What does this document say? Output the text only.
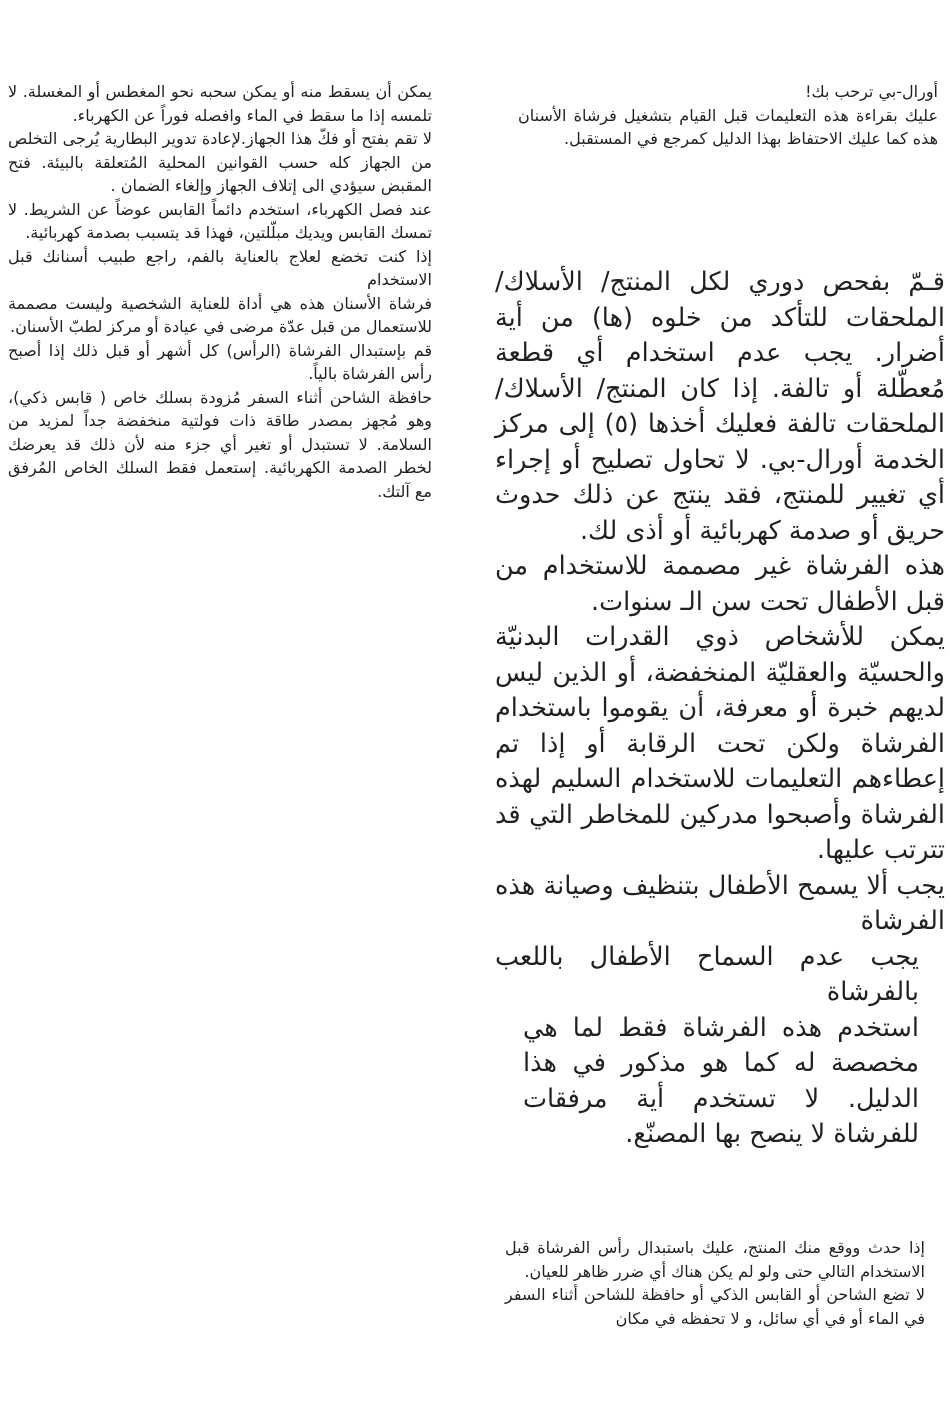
أورال-بي ترحب بك!

عليك بقراءة هذه التعليمات قبل القيام بتشغيل فرشاة الأسنان هذه كما عليك الاحتفاظ بهذا الدليل كمرجع في المستقبل.

قـمّ بفحص دوري لكل المنتج/ الأسلاك/ الملحقات للتأكد من خلوه (ها) من أية أضرار. يجب عدم استخدام أي قطعة مُعطّلة أو تالفة. إذا كان المنتج/ الأسلاك/ الملحقات تالفة فعليك أخذها (٥) إلى مركز الخدمة أورال-بي. لا تحاول تصليح أو إجراء أي تغيير للمنتج، فقد ينتج عن ذلك حدوث حريق أو صدمة كهربائية أو أذى لك.

هذه الفرشاة غير مصممة للاستخدام من قبل الأطفال تحت سن الـ سنوات.

يمكن للأشخاص ذوي القدرات البدنيّة والحسيّة والعقليّة المنخفضة، أو الذين ليس لديهم خبرة أو معرفة، أن يقوموا باستخدام الفرشاة ولكن تحت الرقابة أو إذا تم إعطاءهم التعليمات للاستخدام السليم لهذه الفرشاة وأصبحوا مدركين للمخاطر التي قد تترتب عليها.

يجب ألا يسمح الأطفال بتنظيف وصيانة هذه الفرشاة

يجب عدم السماح الأطفال باللعب بالفرشاة

استخدم هذه الفرشاة فقط لما هي مخصصة له كما هو مذكور في هذا الدليل. لا تستخدم أية مرفقات للفرشاة لا ينصح بها المصنّع.

إذا حدث ووقع منك المنتج، عليك باستبدال رأس الفرشاة قبل الاستخدام التالي حتى ولو لم يكن هناك أي ضرر ظاهر للعيان.

لا تضع الشاحن أو القابس الذكي أو حافظة للشاحن أثناء السفر في الماء أو في أي سائل، و لا تحفظه في مكان

يمكن أن يسقط منه أو يمكن سحبه نحو المغطس أو المغسلة. لا تلمسه إذا ما سقط في الماء وافصله فوراً عن الكهرباء.

لا تقم بفتح أو فكّ هذا الجهاز.لإعادة تدوير البطارية يُرجى التخلص من الجهاز كله حسب القوانين المحلية المُتعلقة بالبيئة. فتح المقبض سيؤدي الى إتلاف الجهاز وإلغاء الضمان .

عند فصل الكهرباء، استخدم دائماً القابس عوضاً عن الشريط. لا تمسك القابس ويديك مبلّلتين، فهذا قد يتسبب بصدمة كهربائية.

إذا كنت تخضع لعلاج بالعناية بالفم، راجع طبيب أسنانك قبل الاستخدام

فرشاة الأسنان هذه هي أداة للعناية الشخصية وليست مصممة للاستعمال من قبل عدّة مرضى في عيادة أو مركز لطبّ الأسنان.

قم بإستبدال الفرشاة (الرأس) كل أشهر أو قبل ذلك إذا أصبح رأس الفرشاة بالياً.

حافظة الشاحن أثناء السفر مُزودة بسلك خاص ( قابس ذكي)، وهو مُجهز بمصدر طاقة ذات فولتية منخفضة جداً لمزيد من السلامة. لا تستبدل أو تغير أي جزء منه لأن ذلك قد يعرضك لخطر الصدمة الكهربائية. إستعمل فقط السلك الخاص المُرفق مع آلتك.
